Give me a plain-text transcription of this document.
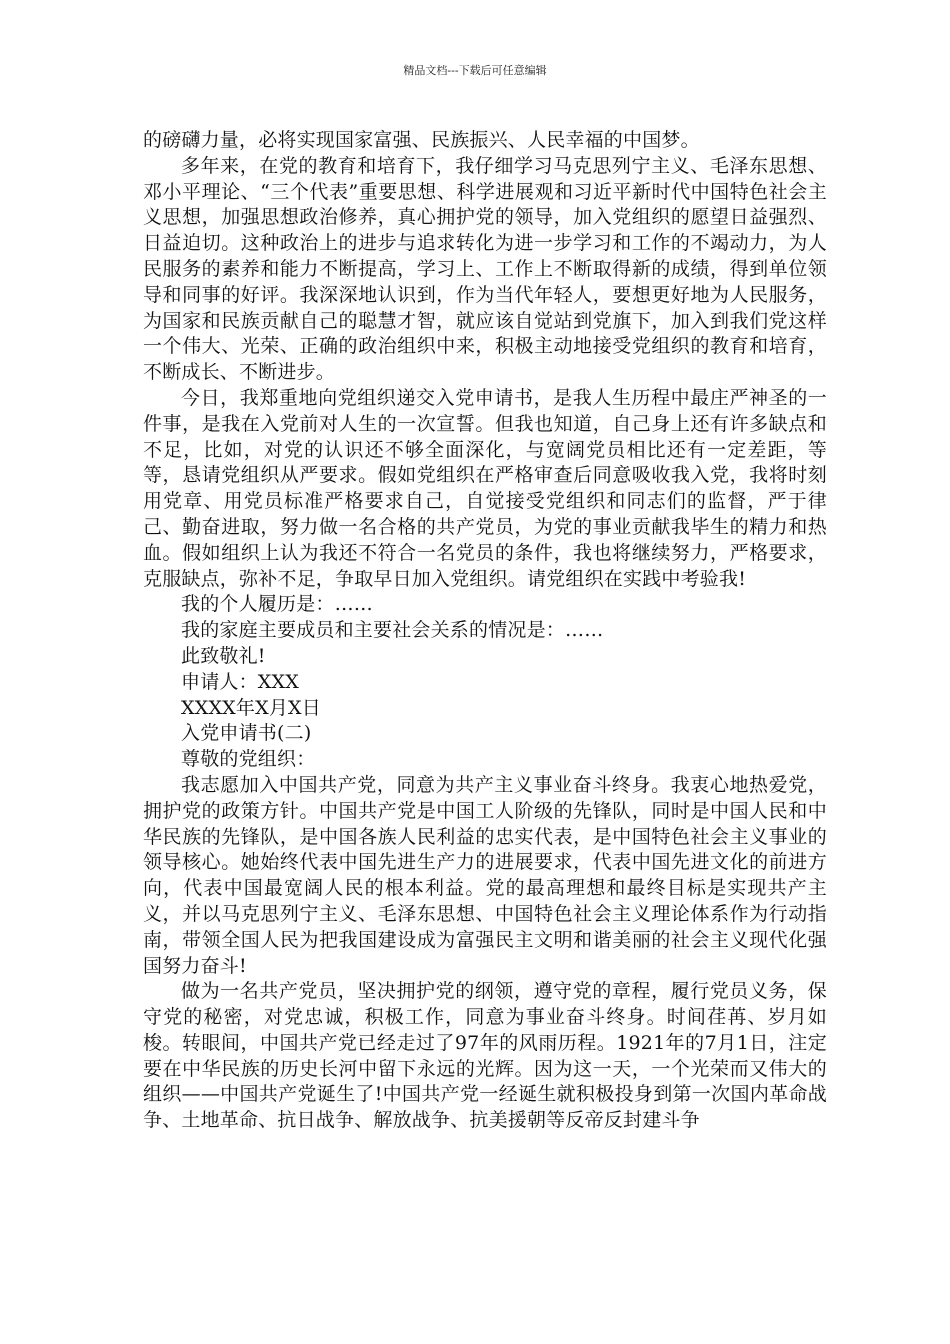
精品文档---下载后可任意编辑

的磅礴力量，必将实现国家富强、民族振兴、人民幸福的中国梦。

多年来，在党的教育和培育下，我仔细学习马克思列宁主义、毛泽东思想、邓小平理论、“三个代表”重要思想、科学进展观和习近平新时代中国特色社会主义思想，加强思想政治修养，真心拥护党的领导，加入党组织的愿望日益强烈、日益迫切。这种政治上的进步与追求转化为进一步学习和工作的不竭动力，为人民服务的素养和能力不断提高，学习上、工作上不断取得新的成绩，得到单位领导和同事的好评。我深深地认识到，作为当代年轻人，要想更好地为人民服务，为国家和民族贡献自己的聪慧才智，就应该自觉站到党旗下，加入到我们党这样一个伟大、光荣、正确的政治组织中来，积极主动地接受党组织的教育和培育，不断成长、不断进步。

今日，我郑重地向党组织递交入党申请书，是我人生历程中最庄严神圣的一件事，是我在入党前对人生的一次宣誓。但我也知道，自己身上还有许多缺点和不足，比如，对党的认识还不够全面深化，与宽阔党员相比还有一定差距，等等，恳请党组织从严要求。假如党组织在严格审查后同意吸收我入党，我将时刻用党章、用党员标准严格要求自己，自觉接受党组织和同志们的监督，严于律己、勤奋进取，努力做一名合格的共产党员，为党的事业贡献我毕生的精力和热血。假如组织上认为我还不符合一名党员的条件，我也将继续努力，严格要求，克服缺点，弥补不足，争取早日加入党组织。请党组织在实践中考验我!

我的个人履历是：……

我的家庭主要成员和主要社会关系的情况是：……

此致敬礼!

申请人：XXX

XXXX年X月X日

入党申请书(二)

尊敬的党组织：

我志愿加入中国共产党，同意为共产主义事业奋斗终身。我衷心地热爱党，拥护党的政策方针。中国共产党是中国工人阶级的先锋队，同时是中国人民和中华民族的先锋队，是中国各族人民利益的忠实代表，是中国特色社会主义事业的领导核心。她始终代表中国先进生产力的进展要求，代表中国先进文化的前进方向，代表中国最宽阔人民的根本利益。党的最高理想和最终目标是实现共产主义，并以马克思列宁主义、毛泽东思想、中国特色社会主义理论体系作为行动指南，带领全国人民为把我国建设成为富强民主文明和谐美丽的社会主义现代化强国努力奋斗!

做为一名共产党员，坚决拥护党的纲领，遵守党的章程，履行党员义务，保守党的秘密，对党忠诚，积极工作，同意为事业奋斗终身。时间荏苒、岁月如梭。转眼间，中国共产党已经走过了97年的风雨历程。1921年的7月1日，注定要在中华民族的历史长河中留下永远的光辉。因为这一天，一个光荣而又伟大的组织——中国共产党诞生了!中国共产党一经诞生就积极投身到第一次国内革命战争、土地革命、抗日战争、解放战争、抗美援朝等反帝反封建斗争
